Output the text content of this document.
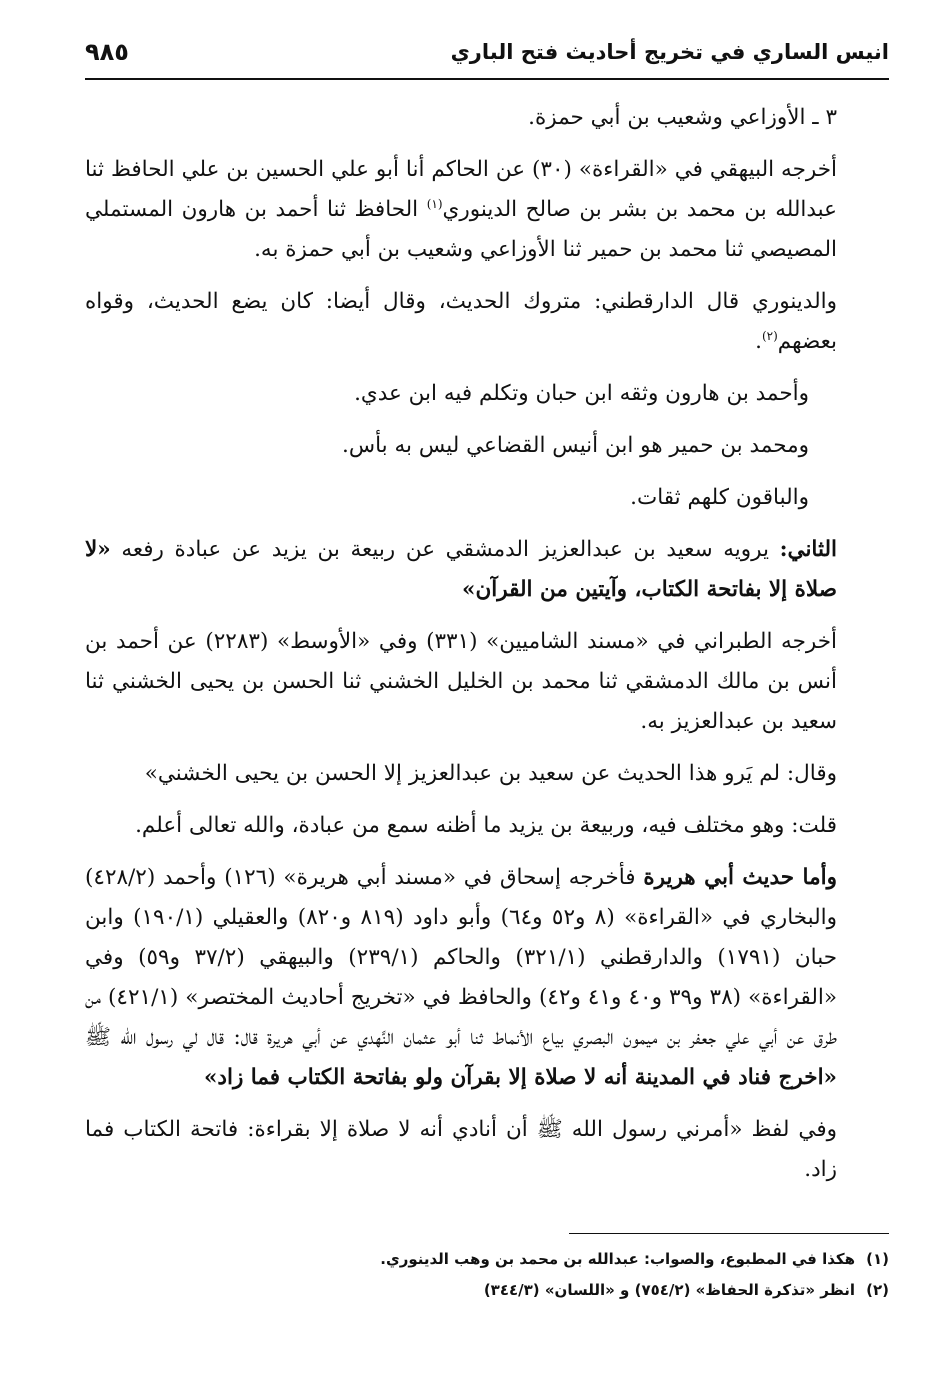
انيس الساري في تخريج أحاديث فتح الباري
٩٨٥

٣ ـ الأوزاعي وشعيب بن أبي حمزة.

أخرجه البيهقي في «القراءة» (٣٠) عن الحاكم أنا أبو علي الحسين بن علي الحافظ ثنا عبدالله بن محمد بن بشر بن صالح الدينوري$^{(١)}$ الحافظ ثنا أحمد بن هارون المستملي المصيصي ثنا محمد بن حمير ثنا الأوزاعي وشعيب بن أبي حمزة به.

والدينوري قال الدارقطني: متروك الحديث، وقال أيضا: كان يضع الحديث، وقواه بعضهم$^{(٢)}$.

وأحمد بن هارون وثقه ابن حبان وتكلم فيه ابن عدي.

ومحمد بن حمير هو ابن أنيس القضاعي ليس به بأس.

والباقون كلهم ثقات.

الثاني: يرويه سعيد بن عبدالعزيز الدمشقي عن ربيعة بن يزيد عن عبادة رفعه «لا صلاة إلا بفاتحة الكتاب، وآيتين من القرآن»

أخرجه الطبراني في «مسند الشاميين» (٣٣١) وفي «الأوسط» (٢٢٨٣) عن أحمد بن أنس بن مالك الدمشقي ثنا محمد بن الخليل الخشني ثنا الحسن بن يحيى الخشني ثنا سعيد بن عبدالعزيز به.

وقال: لم يَرو هذا الحديث عن سعيد بن عبدالعزيز إلا الحسن بن يحيى الخشني»

قلت: وهو مختلف فيه، وربيعة بن يزيد ما أظنه سمع من عبادة، والله تعالى أعلم.

وأما حديث أبي هريرة فأخرجه إسحاق في «مسند أبي هريرة» (١٢٦) وأحمد (٤٢٨/٢) والبخاري في «القراءة» (٨ و٥٢ و٦٤) وأبو داود (٨١٩ و٨٢٠) والعقيلي (١٩٠/١) وابن حبان (١٧٩١) والدارقطني (٣٢١/١) والحاكم (٢٣٩/١) والبيهقي (٣٧/٢ و٥٩) وفي «القراءة» (٣٨ و٣٩ و٤٠ و٤١ و٤٢) والحافظ في «تخريج أحاديث المختصر» (٤٢١/١) من طرق عن أبي علي جعفر بن ميمون البصري بياع الأنماط ثنا أبو عثمان النَّهدي عن أبي هريرة قال: قال لي رسول الله ﷺ «اخرج فناد في المدينة أنه لا صلاة إلا بقرآن ولو بفاتحة الكتاب فما زاد»

وفي لفظ «أمرني رسول الله ﷺ أن أنادي أنه لا صلاة إلا بقراءة: فاتحة الكتاب فما زاد.

(١)هكذا في المطبوع، والصواب: عبدالله بن محمد بن وهب الدينوري.
(٢)انظر «تذكرة الحفاظ» (٧٥٤/٢) و «اللسان» (٣٤٤/٣)
